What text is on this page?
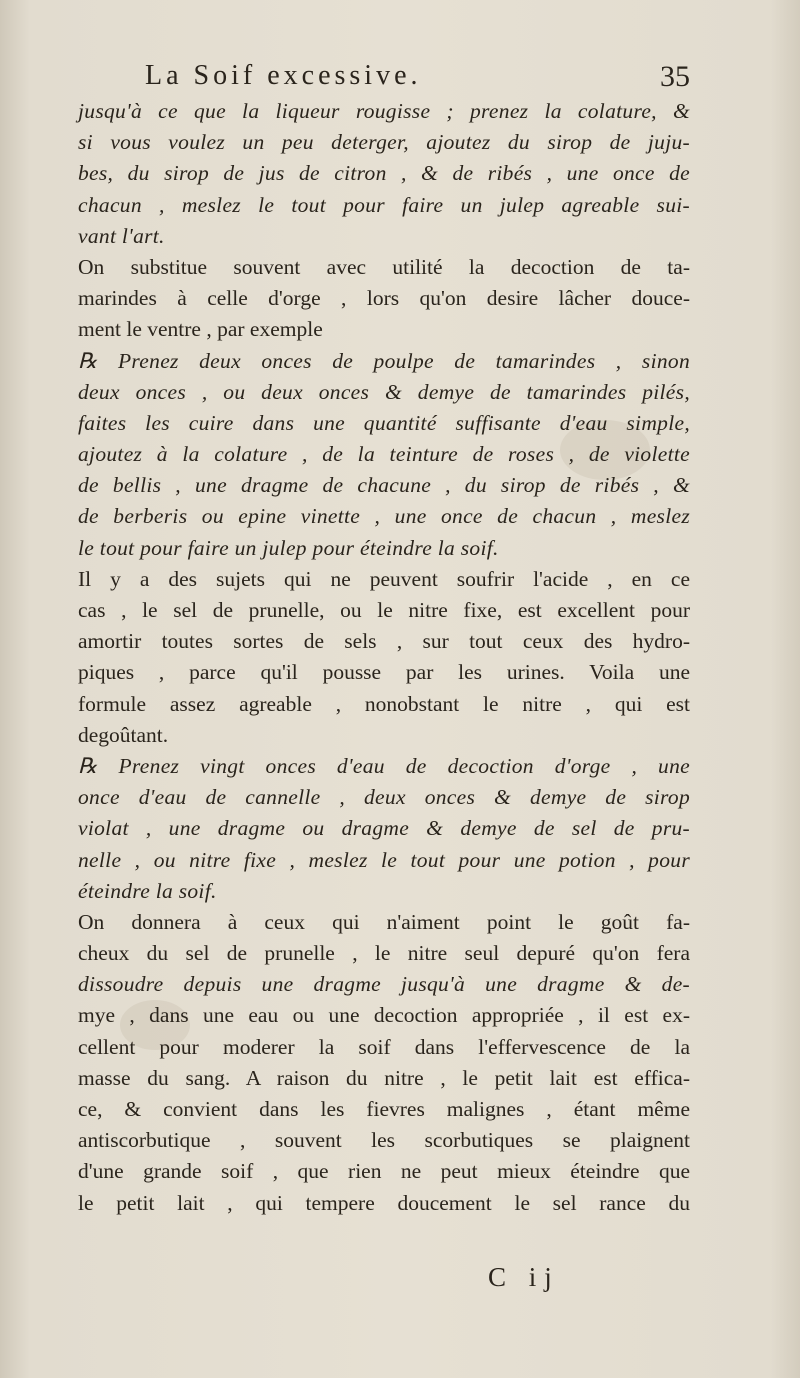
La Soif excessive.	35
jusqu'à ce que la liqueur rougisse ; prenez la colature, &
si vous voulez un peu deterger, ajoutez du sirop de juju-
bes, du sirop de jus de citron , & de ribés , une once de
chacun , meslez le tout pour faire un julep agreable sui-
vant l'art.
On substitue souvent avec utilité la decoction de ta-
marindes à celle d'orge , lors qu'on desire lâcher douce-
ment le ventre , par exemple
℞ Prenez deux onces de poulpe de tamarindes , sinon
deux onces , ou deux onces & demye de tamarindes pilés,
faites les cuire dans une quantité suffisante d'eau simple,
ajoutez à la colature , de la teinture de roses , de violette
de bellis , une dragme de chacune , du sirop de ribés , &
de berberis ou epine vinette , une once de chacun , meslez
le tout pour faire un julep pour éteindre la soif.
Il y a des sujets qui ne peuvent soufrir l'acide , en ce
cas , le sel de prunelle, ou le nitre fixe, est excellent pour
amortir toutes sortes de sels , sur tout ceux des hydro-
piques , parce qu'il pousse par les urines. Voila une
formule assez agreable , nonobstant le nitre , qui est
degoûtant.
℞ Prenez vingt onces d'eau de decoction d'orge , une
once d'eau de cannelle , deux onces & demye de sirop
violat , une dragme ou dragme & demye de sel de pru-
nelle , ou nitre fixe , meslez le tout pour une potion , pour
éteindre la soif.
On donnera à ceux qui n'aiment point le goût fa-
cheux du sel de prunelle , le nitre seul depuré qu'on fera
dissoudre depuis une dragme jusqu'à une dragme & de-
mye , dans une eau ou une decoction appropriée , il est ex-
cellent pour moderer la soif dans l'effervescence de la
masse du sang. A raison du nitre , le petit lait est effica-
ce, & convient dans les fievres malignes , étant même
antiscorbutique , souvent les scorbutiques se plaignent
d'une grande soif , que rien ne peut mieux éteindre que
le petit lait , qui tempere doucement le sel rance du
C ij
